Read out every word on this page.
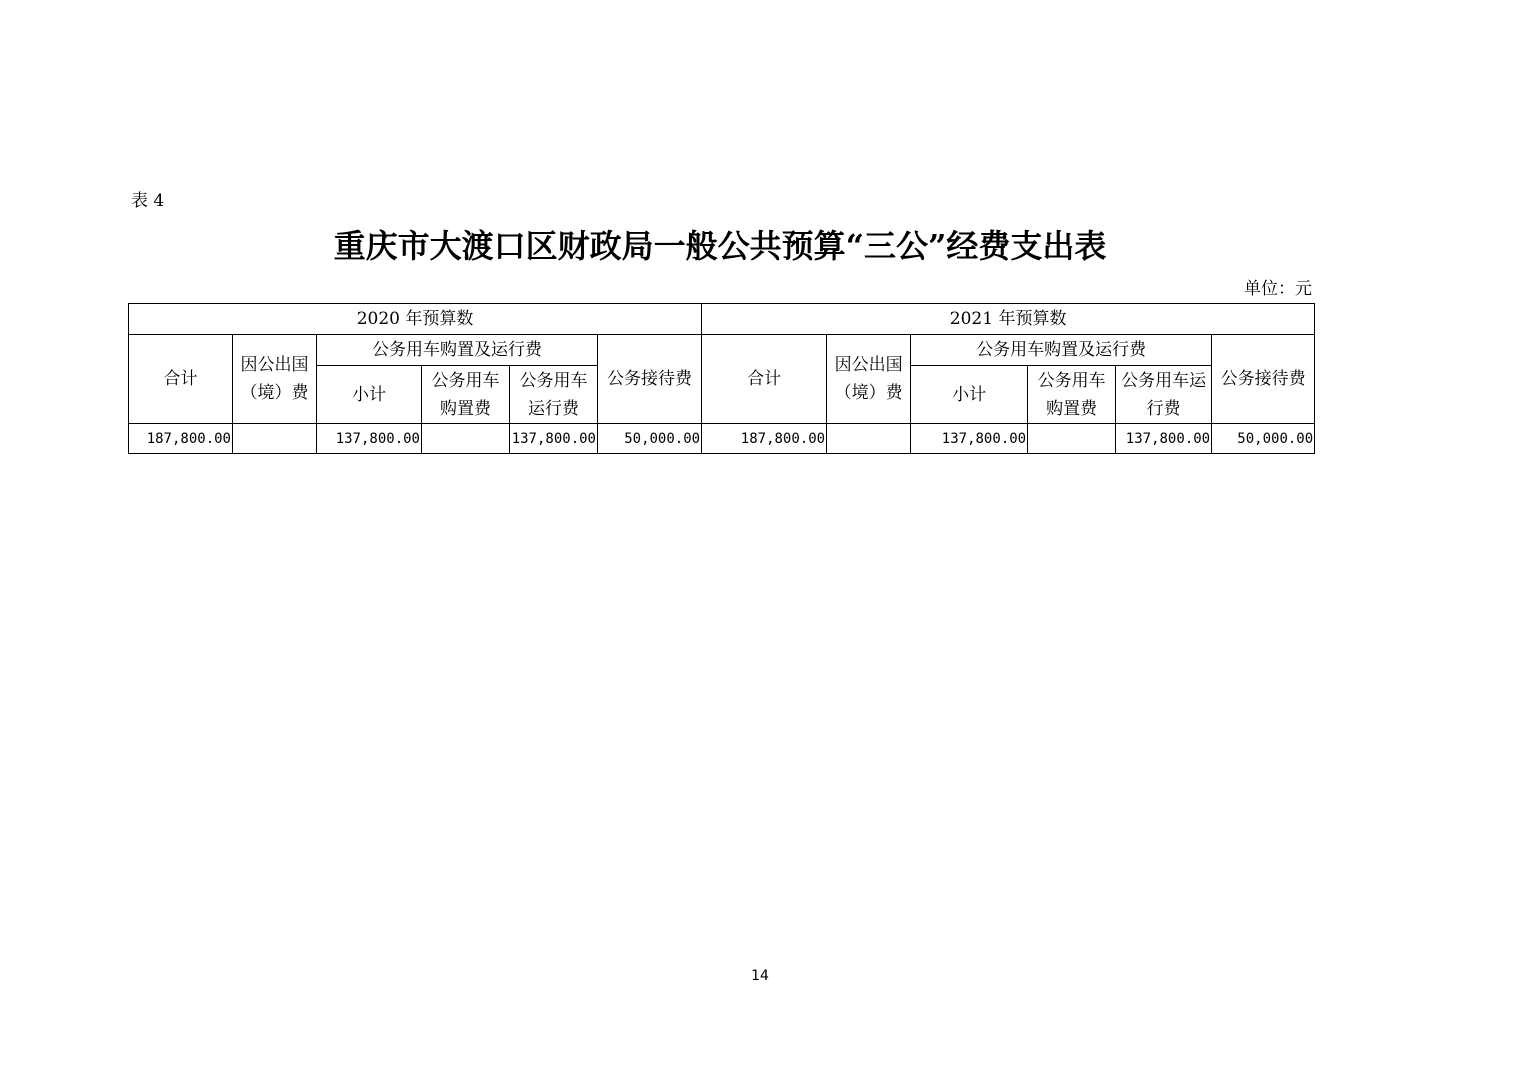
表 4
重庆市大渡口区财政局一般公共预算“三公”经费支出表
单位：元
2020 年预算数						2021 年预算数					
合计	因公出国（境）费	公务用车购置及运行费			公务接待费	合计	因公出国（境）费	公务用车购置及运行费			公务接待费
		小计	公务用车购置费	公务用车运行费				小计	公务用车购置费	公务用车运行费	
187,800.00		137,800.00		137,800.00	50,000.00	187,800.00		137,800.00		137,800.00	50,000.00
14
